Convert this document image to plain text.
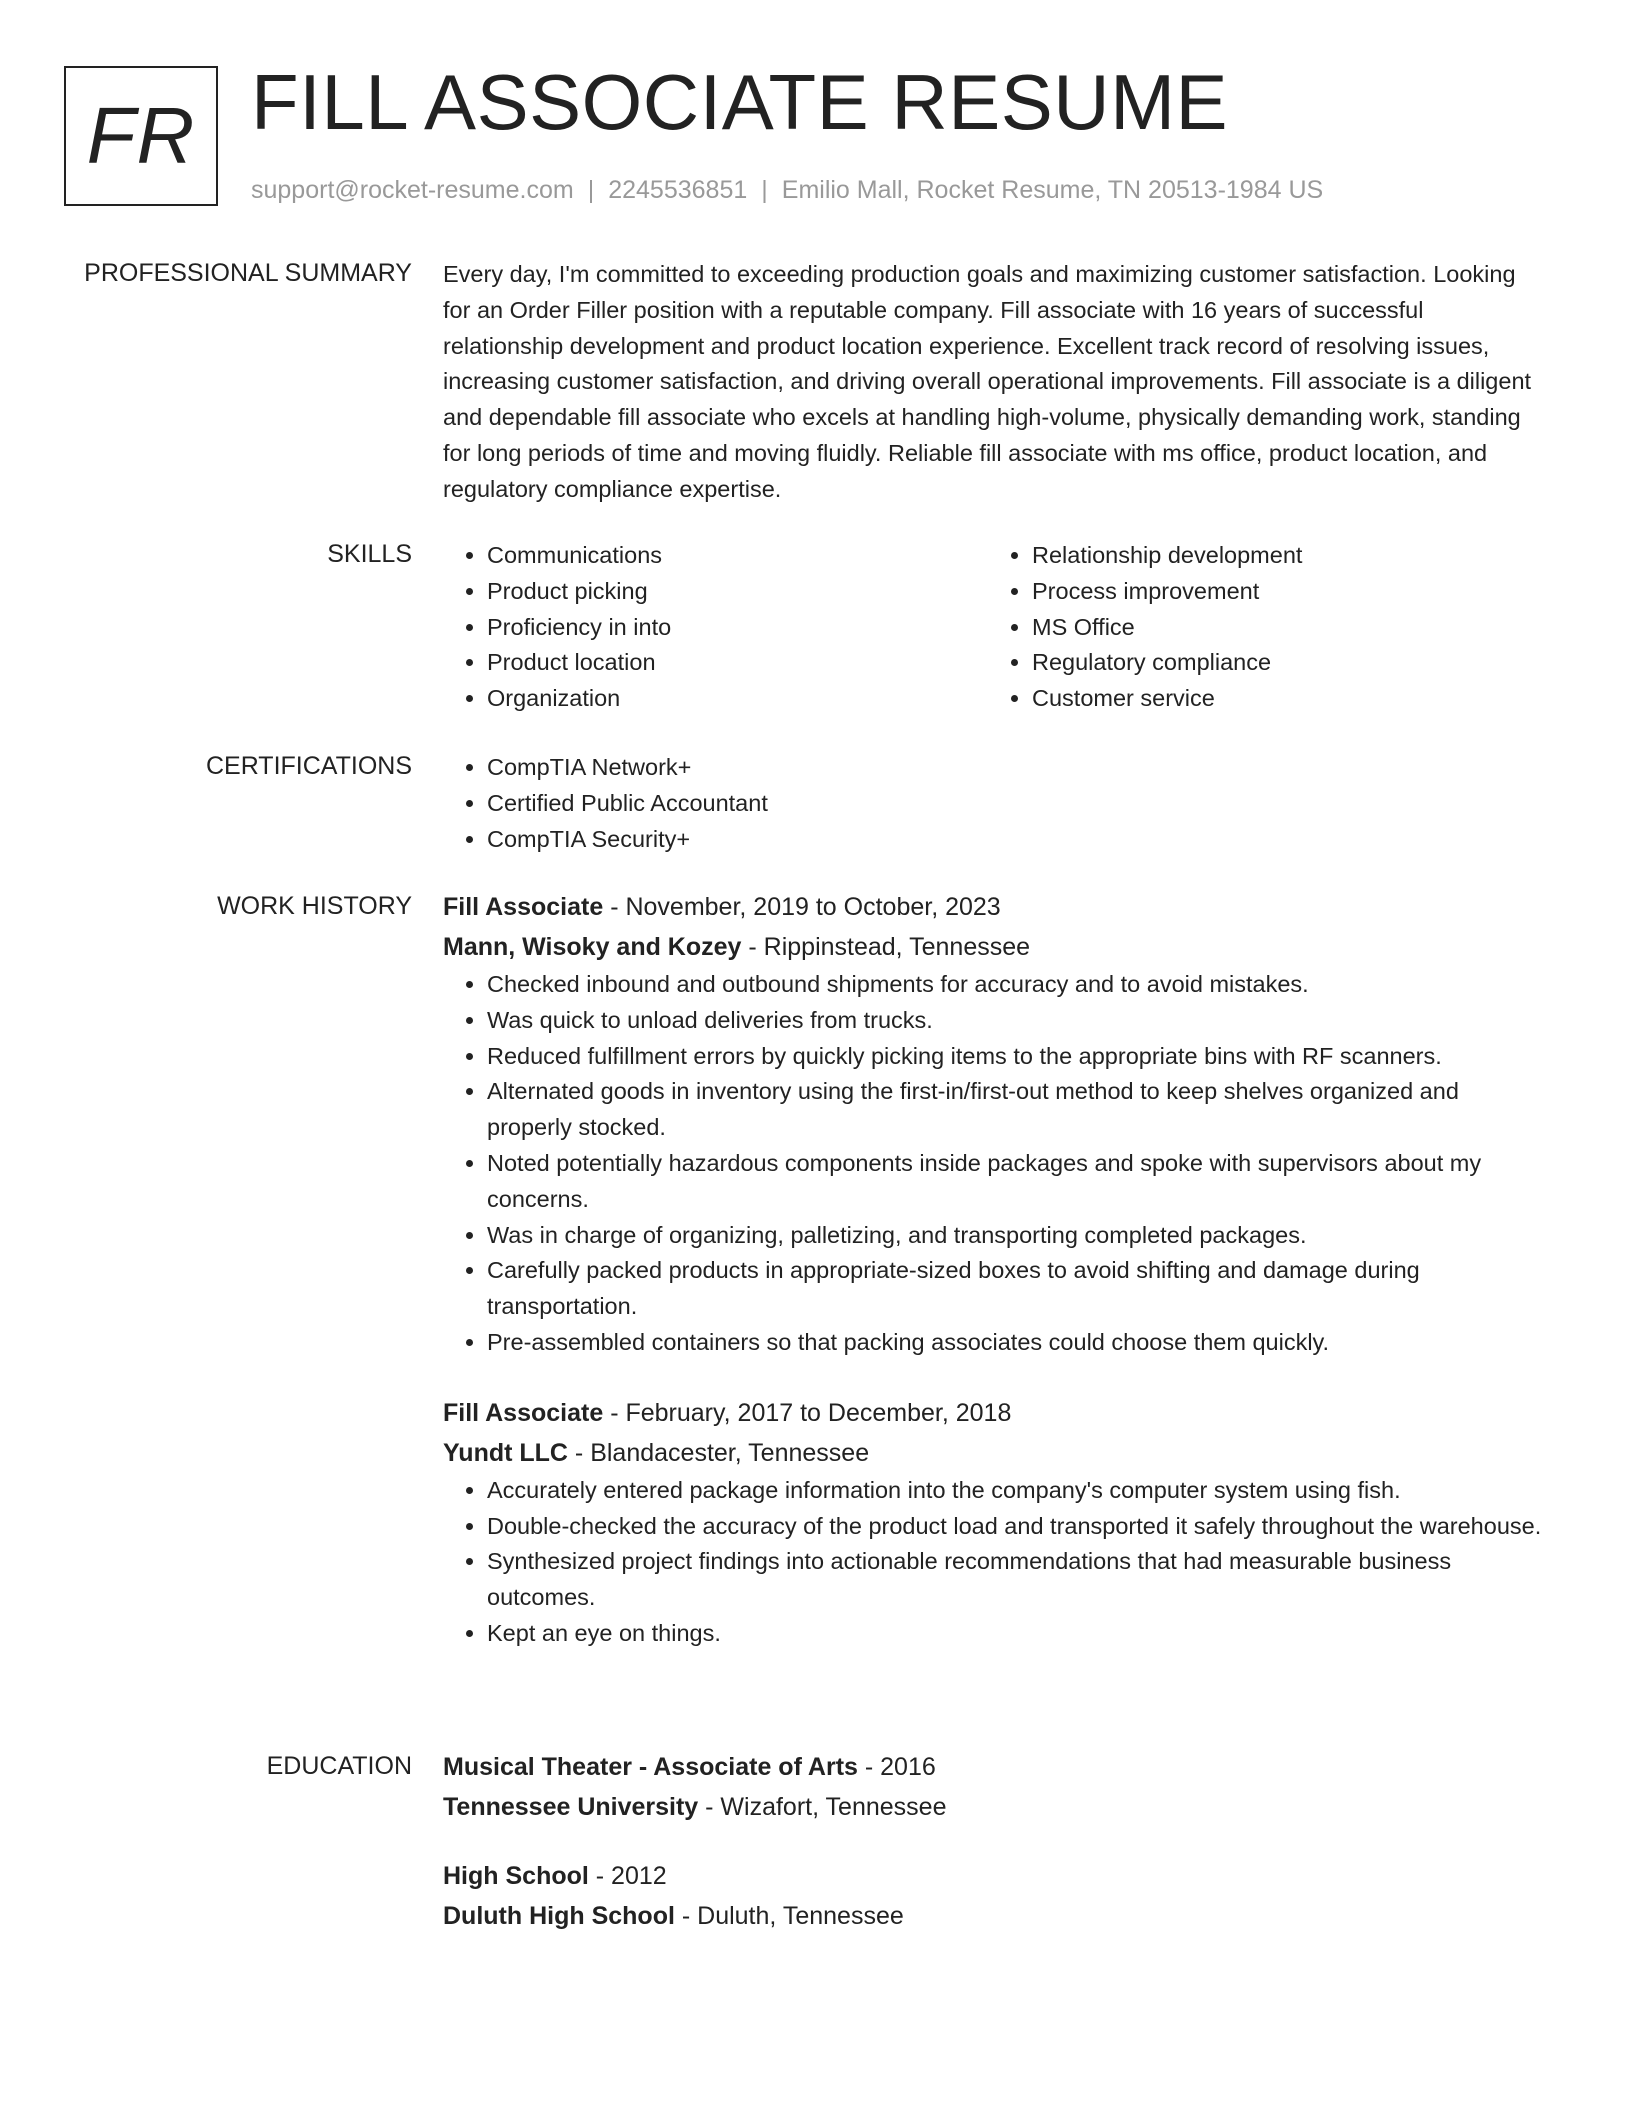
FR FILL ASSOCIATE RESUME
support@rocket-resume.com | 2245536851 | Emilio Mall, Rocket Resume, TN 20513-1984 US
PROFESSIONAL SUMMARY Every day, I'm committed to exceeding production goals and maximizing customer satisfaction. Looking for an Order Filler position with a reputable company. Fill associate with 16 years of successful relationship development and product location experience. Excellent track record of resolving issues, increasing customer satisfaction, and driving overall operational improvements. Fill associate is a diligent and dependable fill associate who excels at handling high-volume, physically demanding work, standing for long periods of time and moving fluidly. Reliable fill associate with ms office, product location, and regulatory compliance expertise.

SKILLS	• Communications
• Product picking
• Proficiency in into
• Product location
• Organization
• Relationship development
• Process improvement
• MS Office
• Regulatory compliance
• Customer service
CERTIFICATIONS	• CompTIA Network+
• Certified Public Accountant
• CompTIA Security+
WORK HISTORY Fill Associate - November, 2019 to October, 2023
Mann, Wisoky and Kozey - Rippinstead, Tennessee
• Checked inbound and outbound shipments for accuracy and to avoid mistakes.
• Was quick to unload deliveries from trucks.
• Reduced fulfillment errors by quickly picking items to the appropriate bins with RF scanners.
• Alternated goods in inventory using the first-in/first-out method to keep shelves organized and properly stocked.
• Noted potentially hazardous components inside packages and spoke with supervisors about my concerns.
• Was in charge of organizing, palletizing, and transporting completed packages.
• Carefully packed products in appropriate-sized boxes to avoid shifting and damage during transportation.
• Pre-assembled containers so that packing associates could choose them quickly.
Fill Associate - February, 2017 to December, 2018
Yundt LLC - Blandacester, Tennessee
• Accurately entered package information into the company's computer system using fish.
• Double-checked the accuracy of the product load and transported it safely throughout the warehouse.
• Synthesized project findings into actionable recommendations that had measurable business outcomes.
• Kept an eye on things.
EDUCATION Musical Theater - Associate of Arts - 2016
Tennessee University - Wizafort, Tennessee
High School - 2012
Duluth High School - Duluth, Tennessee
